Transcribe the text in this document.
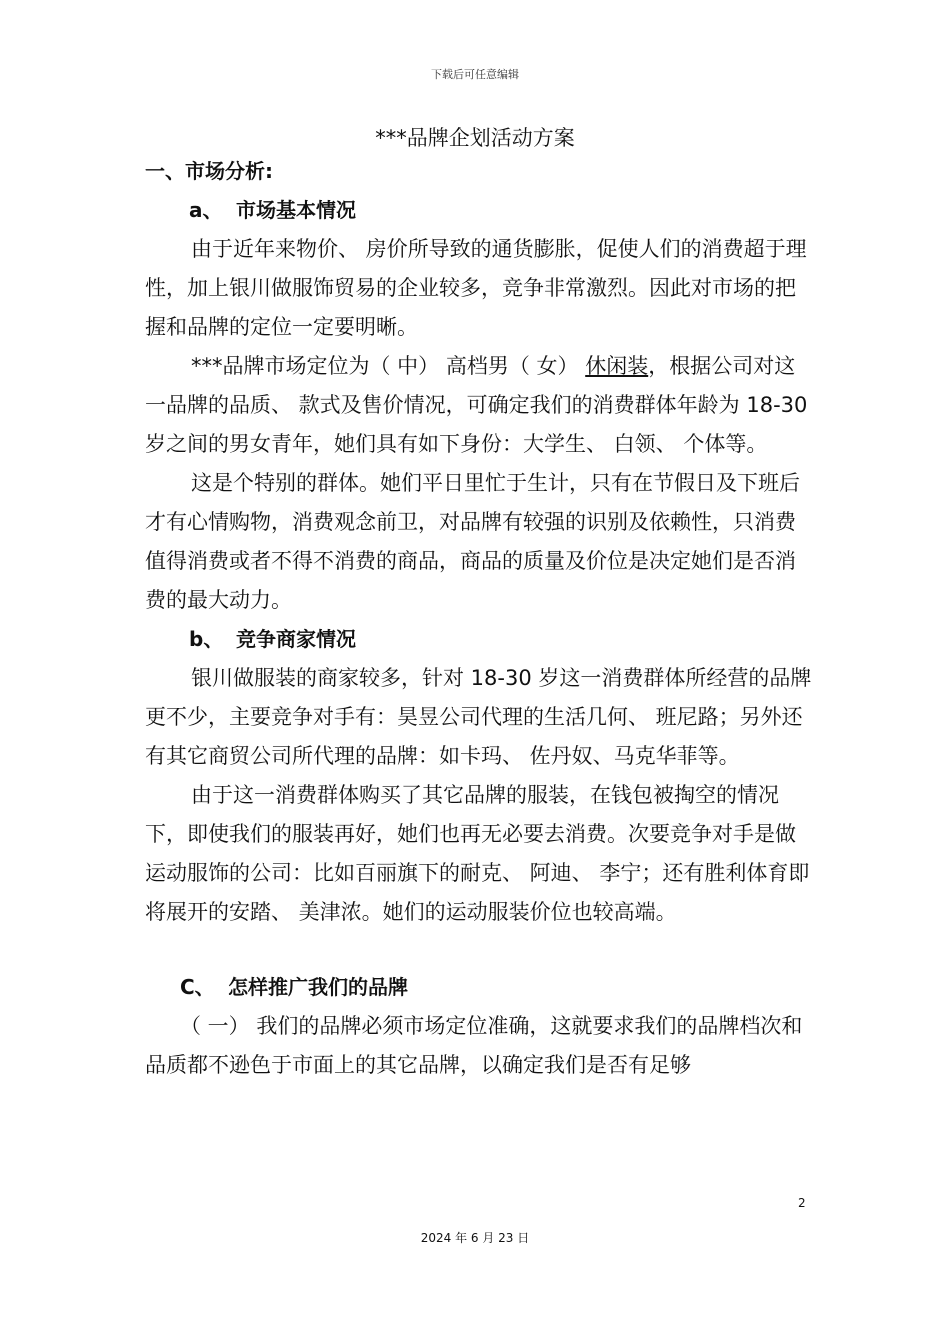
下载后可任意编辑
***品牌企划活动方案

一、市场分析:

a、 市场基本情况

由于近年来物价、 房价所导致的通货膨胀，促使人们的消费超于理性，加上银川做服饰贸易的企业较多，竞争非常激烈。因此对市场的把握和品牌的定位一定要明晰。

***品牌市场定位为（ 中） 高档男（ 女） 休闲装，根据公司对这一品牌的品质、 款式及售价情况，可确定我们的消费群体年龄为 18-30 岁之间的男女青年，她们具有如下身份：大学生、 白领、 个体等。

这是个特别的群体。她们平日里忙于生计，只有在节假日及下班后才有心情购物，消费观念前卫，对品牌有较强的识别及依赖性，只消费值得消费或者不得不消费的商品，商品的质量及价位是决定她们是否消费的最大动力。

b、 竞争商家情况

银川做服装的商家较多，针对 18-30 岁这一消费群体所经营的品牌更不少，主要竞争对手有：昊昱公司代理的生活几何、 班尼路；另外还有其它商贸公司所代理的品牌：如卡玛、 佐丹奴、马克华菲等。

由于这一消费群体购买了其它品牌的服装，在钱包被掏空的情况下，即使我们的服装再好，她们也再无必要去消费。次要竞争对手是做运动服饰的公司：比如百丽旗下的耐克、 阿迪、 李宁；还有胜利体育即将展开的安踏、 美津浓。她们的运动服装价位也较高端。

C、 怎样推广我们的品牌

（ 一） 我们的品牌必须市场定位准确，这就要求我们的品牌档次和品质都不逊色于市面上的其它品牌，以确定我们是否有足够

2
2024 年 6 月 23 日
